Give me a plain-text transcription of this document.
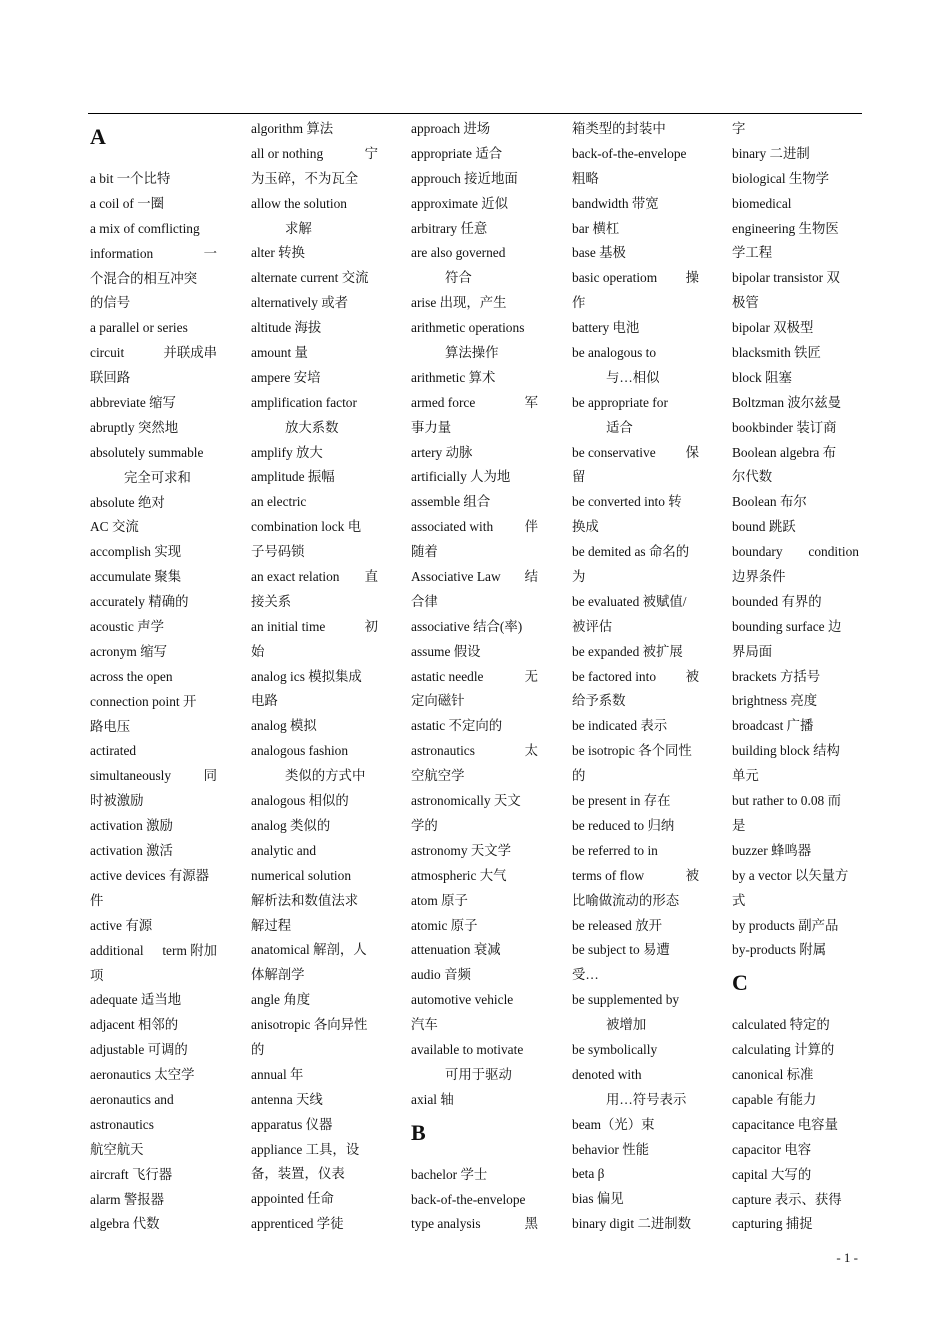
A
a bit 一个比特
a coil of 一圈
a mix of comflicting
information	一
个混合的相互冲突
的信号
a parallel or series
circuit	并联成串
联回路
abbreviate 缩写
abruptly 突然地
absolutely summable
完全可求和
absolute 绝对
AC 交流
accomplish 实现
accumulate 聚集
accurately 精确的
acoustic 声学
acronym 缩写
across the open
connection point 开
路电压
actirated
simultaneously 同
时被激励
activation 激励
activation 激活
active devices 有源器
件
active 有源
additional term 附加
项
adequate 适当地
adjacent 相邻的
adjustable 可调的
aeronautics 太空学
aeronautics and
astronautics
航空航天
aircraft 飞行器
alarm 警报器
algebra 代数
algorithm 算法
all or nothing	宁
为玉碎，不为瓦全
allow the solution
求解
alter 转换
alternate current 交流
alternatively 或者
altitude 海拔
amount 量
ampere 安培
amplification factor
放大系数
amplify 放大
amplitude 振幅
an electric
combination lock 电
子号码锁
an exact relation 直
接关系
an initial time	初
始
analog ics 模拟集成
电路
analog 模拟
analogous fashion
类似的方式中
analogous 相似的
analog 类似的
analytic and
numerical solution
解析法和数值法求
解过程
anatomical 解剖，人
体解剖学
angle 角度
anisotropic 各向异性
的
annual 年
antenna 天线
apparatus 仪器
appliance 工具，设
备，装置，仪表
appointed 任命
apprenticed 学徒
approach 进场
appropriate 适合
approuch 接近地面
approximate 近似
arbitrary 任意
are also governed
符合
arise 出现，产生
arithmetic operations
算法操作
arithmetic 算术
armed force	军
事力量
artery 动脉
artificially 人为地
assemble 组合
associated with 伴
随着
Associative Law 结
合律
associative 结合(率)
assume 假设
astatic needle	无
定向磁针
astatic 不定向的
astronautics	太
空航空学
astronomically 天文
学的
astronomy 天文学
atmospheric 大气
atom 原子
atomic 原子
attenuation 衰减
audio 音频
automotive vehicle
汽车
available to motivate
可用于驱动
axial 轴
B
bachelor 学士
back-of-the-envelope
type analysis	黑
箱类型的封装中
back-of-the-envelope
粗略
bandwidth 带宽
bar 横杠
base 基极
basic operatiom 操
作
battery 电池
be analogous to
与…相似
be appropriate for
适合
be conservative 保
留
be converted into 转
换成
be demited as 命名的
为
be evaluated 被赋值/
被评估
be expanded 被扩展
be factored into 被
给予系数
be indicated 表示
be isotropic 各个同性
的
be present in 存在
be reduced to 归纳
be referred to in
terms of flow	被
比喻做流动的形态
be released 放开
be subject to 易遭
受…
be supplemented by
被增加
be symbolically
denoted with
用…符号表示
beam（光）束
behavior 性能
beta β
bias 偏见
binary digit 二进制数
字
binary 二进制
biological 生物学
biomedical
engineering 生物医
学工程
bipolar transistor 双
极管
bipolar 双极型
blacksmith 铁匠
block 阻塞
Boltzman 波尔兹曼
bookbinder 装订商
Boolean algebra 布
尔代数
Boolean 布尔
bound 跳跃
boundary condition
边界条件
bounded 有界的
bounding surface 边
界局面
brackets 方括号
brightness 亮度
broadcast 广播
building block 结构
单元
but rather to 0.08 而
是
buzzer 蜂鸣器
by a vector 以矢量方
式
by products 副产品
by-products 附属
C
calculated 特定的
calculating 计算的
canonical 标准
capable 有能力
capacitance 电容量
capacitor 电容
capital 大写的
capture 表示、获得
capturing 捕捉
- 1 -
